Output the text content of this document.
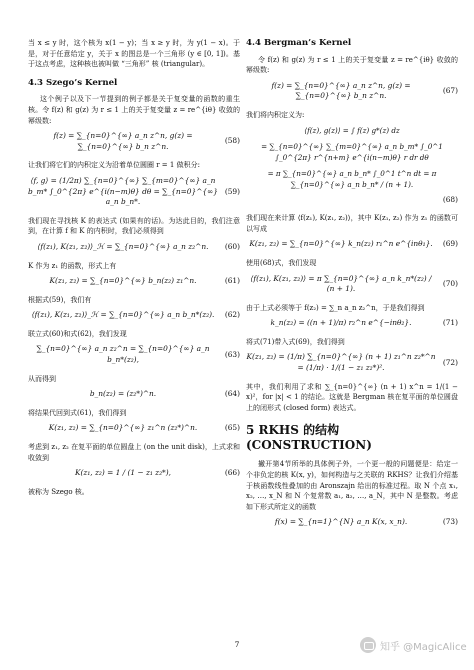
当 x ≤ y 时，这个核为 x(1 − y)；当 x ≥ y 时，为 y(1 − x)。于是，对于任意给定 y，关于 x 的图总是一个三角形 (y ∈ [0, 1])。基于这点考虑，这种核也被叫做 “三角形” 核 (triangular)。

4.3 Szego’s Kernel

这个例子以及下一节提到的例子都是关于复变量的函数的重生核。令 f(z) 和 g(z) 为 r ≤ 1 上的关于复变量 z = re^{iθ} 收敛的幂级数:

f(z) = ∑_{n=0}^{∞} a_n z^n, g(z) = ∑_{n=0}^{∞} b_n z^n.
(58)

让我们将它们的内积定义为沿着单位圆圈 r = 1 做积分:

⟨f, g⟩ = (1/2π) ∑_{n=0}^{∞} ∑_{m=0}^{∞} a_n b_m* ∫_0^{2π} e^{i(n−m)θ} dθ = ∑_{n=0}^{∞} a_n b_n*.
(59)

我们现在寻找核 K 的表达式 (如果有的话)。为达此目的，我们注意到，在计算 f 和 K 的内积时，我们必须得到

⟨f(z₁), K(z₁, z₂)⟩_ℋ = ∑_{n=0}^{∞} a_n z₂^n.	(60)

K 作为 z₁ 的函数，形式上有

K(z₁, z₂) = ∑_{n=0}^{∞} b_n(z₂) z₁^n.	(61)

根据式(59)，我们有

⟨f(z₁), K(z₁, z₂)⟩_ℋ = ∑_{n=0}^{∞} a_n b_n*(z₂).	(62)

联立式(60)和式(62)，我们发现

∑_{n=0}^{∞} a_n z₂^n = ∑_{n=0}^{∞} a_n b_n*(z₂),
(63)

从而得到

b_n(z₂) = (z₂*)^n.	(64)

将结果代回到式(61)，我们得到

K(z₁, z₂) = ∑_{n=0}^{∞} z₁^n (z₂*)^n.	(65)

考虑到 z₁, z₂ 在复平面的单位圆盘上 (on the unit disk)，上式求和收敛到

K(z₁, z₂) = 1 / (1 − z₁ z₂*),	(66)

被称为 Szego 核。

4.4 Bergman’s Kernel

令 f(z) 和 g(z) 为 r ≤ 1 上的关于复变量 z = re^{iθ} 收敛的幂级数:

f(z) = ∑_{n=0}^{∞} a_n z^n, g(z) = ∑_{n=0}^{∞} b_n z^n.
(67)

我们将内积定义为:

⟨f(z), g(z)⟩ = ∫ f(z) g*(z) dz
= ∑_{n=0}^{∞} ∑_{m=0}^{∞} a_n b_m* ∫_0^1 ∫_0^{2π} r^{n+m} e^{i(n−m)θ} r dr dθ
= π ∑_{n=0}^{∞} a_n b_n* ∫_0^1 t^n dt = π ∑_{n=0}^{∞} a_n b_n* / (n + 1).
(68)

我们现在来计算 ⟨f(z₁), K(z₁, z₂)⟩，其中 K(z₁, z₂) 作为 z₁ 的函数可以写成

K(z₁, z₂) = ∑_{n=0}^{∞} k_n(z₂) r₁^n e^{inθ₁}.	(69)

使用(68)式，我们发现

⟨f(z₁), K(z₁, z₂)⟩ = π ∑_{n=0}^{∞} a_n k_n*(z₂) / (n + 1).
(70)

由于上式必须等于 f(z₂) = ∑_n a_n z₂^n，于是我们得到

k_n(z₂) = ((n + 1)/π) r₂^n e^{−inθ₂}.	(71)

将式(71)带入式(69)，我们得到

K(z₁, z₂) = (1/π) ∑_{n=0}^{∞} (n + 1) z₁^n z₂*^n = (1/π) · 1/(1 − z₁ z₂*)².
(72)

其中，我们利用了求和 ∑_{n=0}^{∞} (n + 1) x^n = 1/(1 − x)²，for |x| < 1 的结论。这就是 Bergman 核在复平面的单位圆盘上的闭形式 (closed form) 表达式。

5 RKHS 的结构 (CONSTRUCTION)

撇开第4节所举的具体例子外，一个更一般的问题便是：给定一个非负定的核 K(x, y)，如何构造与之关联的 RKHS？让我们介绍基于核函数线性叠加的由 Aronszajn 给出的标准过程。取 N 个点 x₁, x₂, …, x_N 和 N 个复常数 a₁, a₂, …, a_N，其中 N 是整数。考虑如下形式所定义的函数

f(x) = ∑_{n=1}^{N} a_n K(x, x_n).	(73)
7	知乎 @MagicAlice
